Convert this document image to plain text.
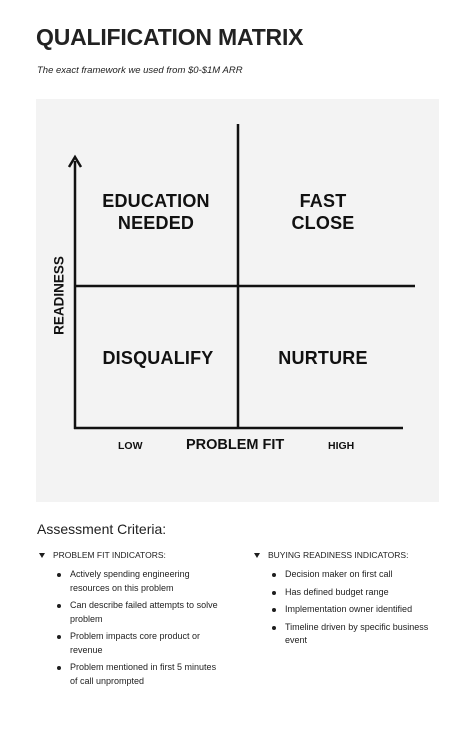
QUALIFICATION MATRIX
The exact framework we used from $0-$1M ARR
EDUCATION
NEEDED
FAST
CLOSE
DISQUALIFY	NURTURE
READINESS
PROBLEM FIT
LOW	HIGH
Assessment Criteria:
PROBLEM FIT INDICATORS:
Actively spending engineering
resources on this problem
Can describe failed attempts to solve
problem
Problem impacts core product or
revenue
Problem mentioned in first 5 minutes
of call unprompted
BUYING READINESS INDICATORS:
Decision maker on first call
Has defined budget range
Implementation owner identified
Timeline driven by specific business
event
